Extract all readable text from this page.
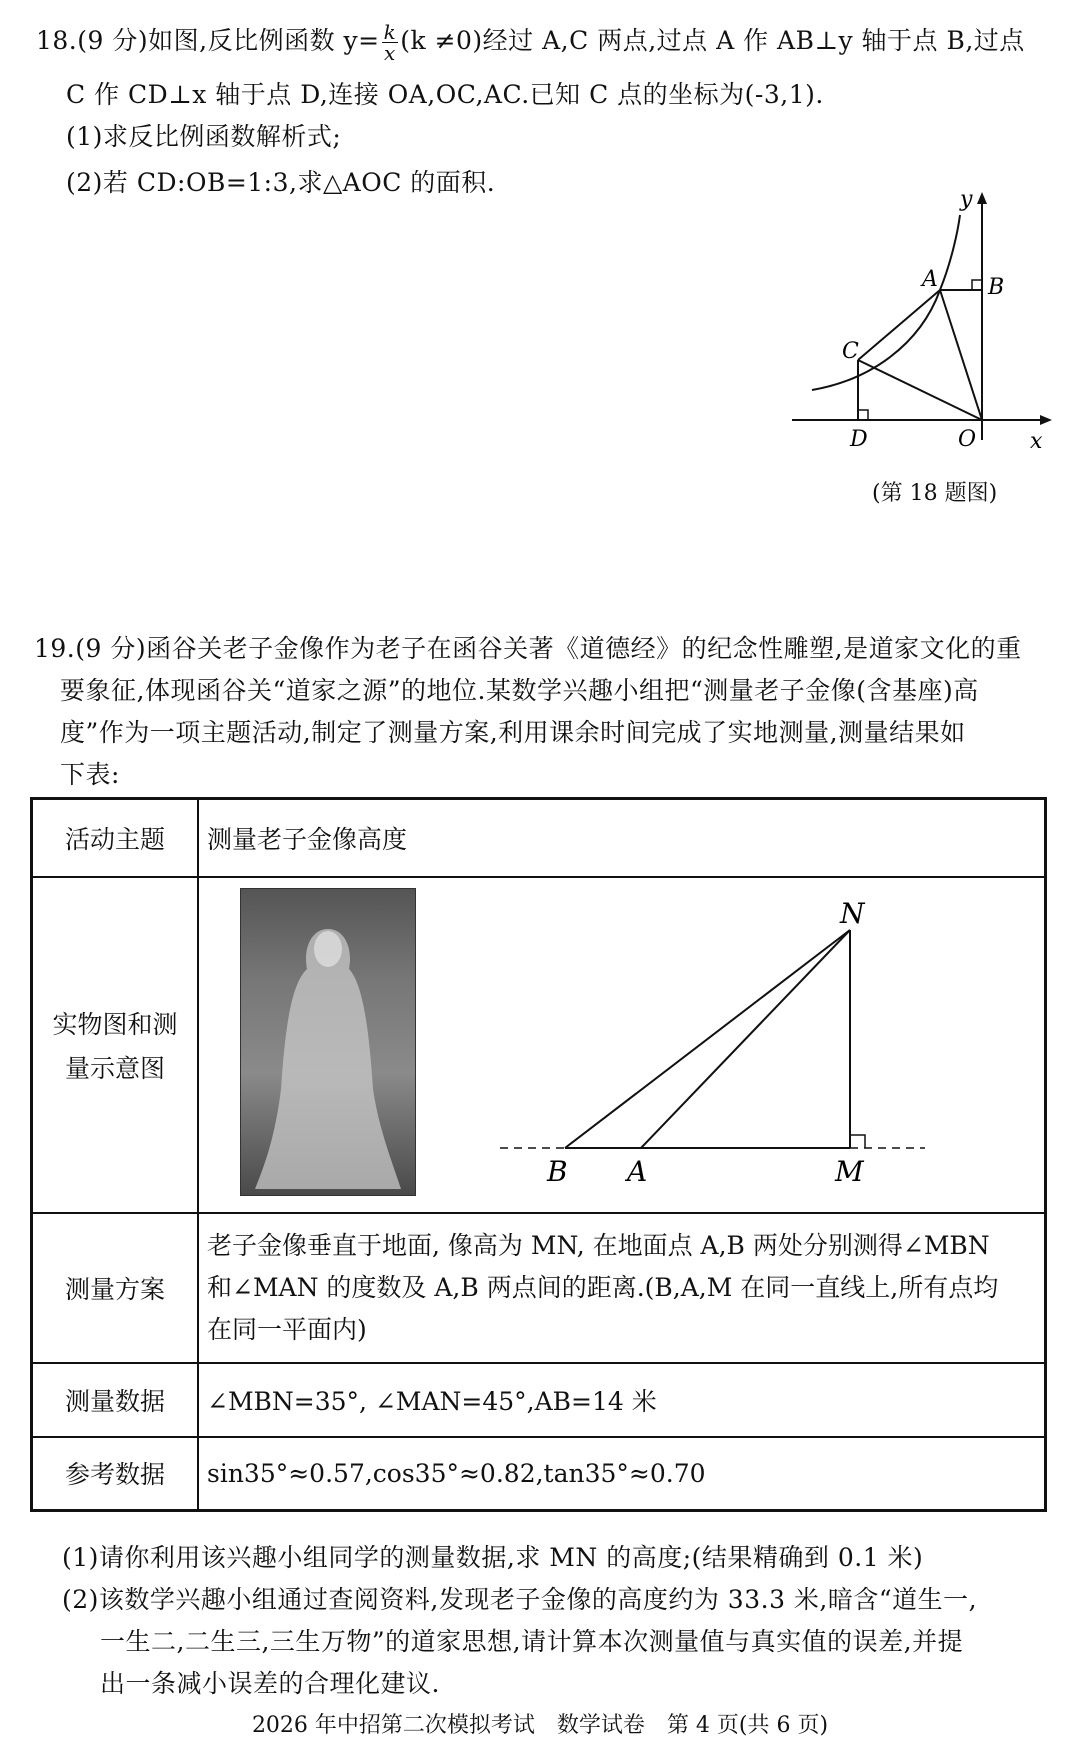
18.(9 分)如图,反比例函数 $y= \frac{k}{x} (k \ne 0)$经过 A,C 两点,过点 A 作 AB⊥y 轴于点 B,过点
C 作 CD⊥x 轴于点 D,连接 OA,OC,AC.已知 C 点的坐标为(-3,1).
(1)求反比例函数解析式;
(2)若 CD:OB=1:3,求△AOC 的面积.
y
x
A B
C
D	O
(第 18 题图)
19.(9 分)函谷关老子金像作为老子在函谷关著《道德经》的纪念性雕塑,是道家文化的重
要象征,体现函谷关“道家之源”的地位.某数学兴趣小组把“测量老子金像(含基座)高
度”作为一项主题活动,制定了测量方案,利用课余时间完成了实地测量,测量结果如
下表:
活动主题	测量老子金像高度

实物图和测
量示意图	

测量方案	老子金像垂直于地面, 像高为 MN, 在地面点 A,B 两处分别测得∠MBN
和∠MAN 的度数及 A,B 两点间的距离.(B,A,M 在同一直线上,所有点均
在同一平面内)

测量数据	∠MBN=35°, ∠MAN=45°,AB=14 米
参考数据	sin35°≈0.57,cos35°≈0.82,tan35°≈0.70
N
B A	M
(1)请你利用该兴趣小组同学的测量数据,求 MN 的高度;(结果精确到 0.1 米)
(2)该数学兴趣小组通过查阅资料,发现老子金像的高度约为 33.3 米,暗含“道生一,
一生二,二生三,三生万物”的道家思想,请计算本次测量值与真实值的误差,并提
出一条减小误差的合理化建议.
2026 年中招第二次模拟考试　数学试卷　第 4 页(共 6 页)
